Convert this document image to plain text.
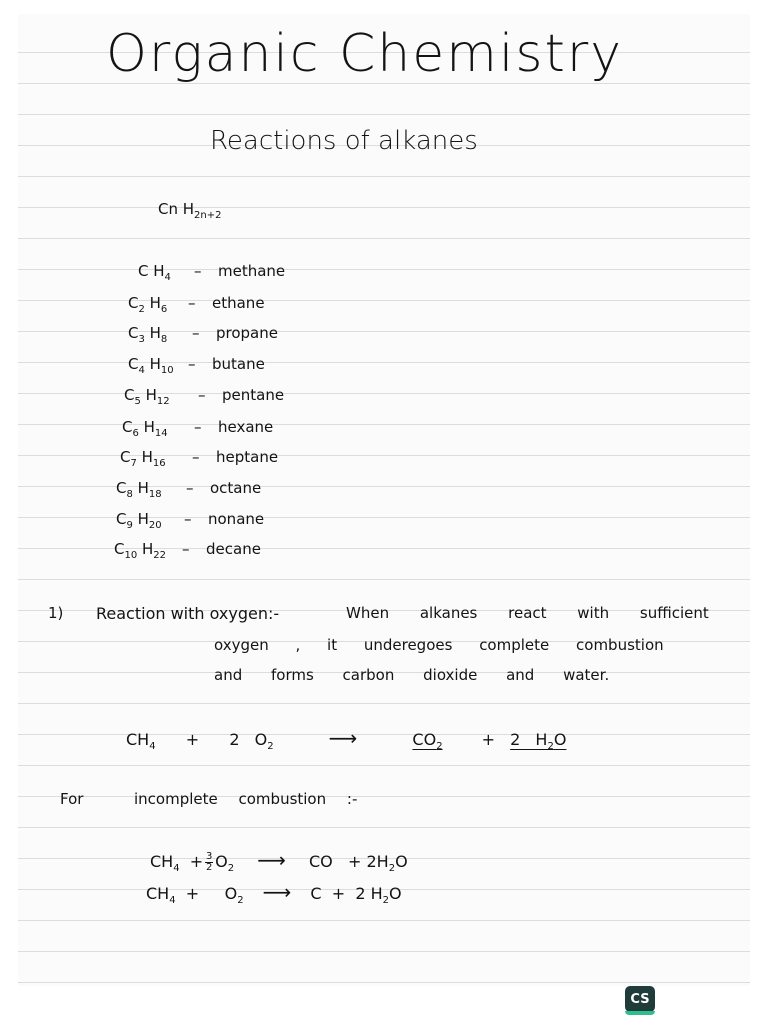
Organic Chemistry
Reactions of alkanes
Cn $H_{2n+2}$
C $H_4$ – methane
$C_2$ $H_6$ – ethane
$C_3$ $H_8$ – propane
$C_4$ $H_{10}$ – butane
$C_5$ $H_{12}$ – pentane
$C_6$ $H_{14}$ – hexane
$C_7$ $H_{16}$ – heptane
$C_8$ $H_{18}$ – octane
$C_9$ $H_{20}$ – nonane
$C_{10}$ $H_{22}$ – decane
1) Reaction with oxygen:-	When alkanes react with sufficient
oxygen , it underegoes complete combustion
and forms carbon dioxide and water.
$CH_4 + 2$ $O_2$	⟶	$CO_2 + 2$ $H_2O$
For	incomplete combustion :-
$CH_4 + \frac{3}{2} O_2$ ⟶ CO   + $2H_2O$
$CH_4$  +     $O_2$ ⟶ C  +  2 $H_2O$
CS
